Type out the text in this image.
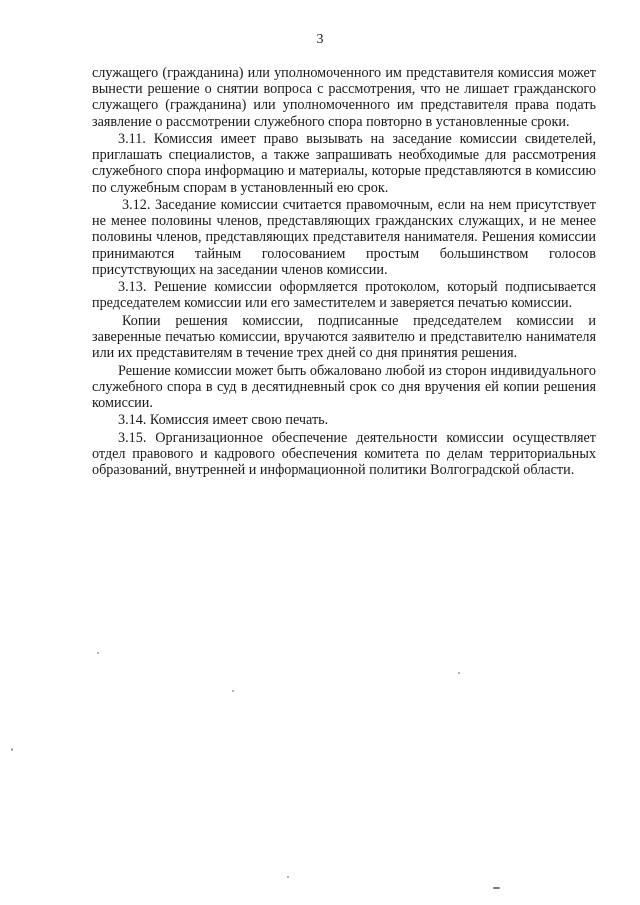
3

служащего (гражданина) или уполномоченного им представителя комиссия может вынести решение о снятии вопроса с рассмотрения, что не лишает гражданского служащего (гражданина) или уполномоченного им представителя права подать заявление о рассмотрении служебного спора повторно в установленные сроки.

3.11. Комиссия имеет право вызывать на заседание комиссии свидетелей, приглашать специалистов, а также запрашивать необходимые для рассмотрения служебного спора информацию и материалы, которые представляются в комиссию по служебным спорам в установленный ею срок.

3.12. Заседание комиссии считается правомочным, если на нем присутствует не менее половины членов, представляющих гражданских служащих, и не менее половины членов, представляющих представителя нанимателя. Решения комиссии принимаются тайным голосованием простым большинством голосов присутствующих на заседании членов комиссии.

3.13. Решение комиссии оформляется протоколом, который подписывается председателем комиссии или его заместителем и заверяется печатью комиссии.

Копии решения комиссии, подписанные председателем комиссии и заверенные печатью комиссии, вручаются заявителю и представителю нанимателя или их представителям в течение трех дней со дня принятия решения.

Решение комиссии может быть обжаловано любой из сторон индивидуального служебного спора в суд в десятидневный срок со дня вручения ей копии решения комиссии.

3.14. Комиссия имеет свою печать.

3.15. Организационное обеспечение деятельности комиссии осуществляет отдел правового и кадрового обеспечения комитета по делам территориальных образований, внутренней и информационной политики Волгоградской области.
